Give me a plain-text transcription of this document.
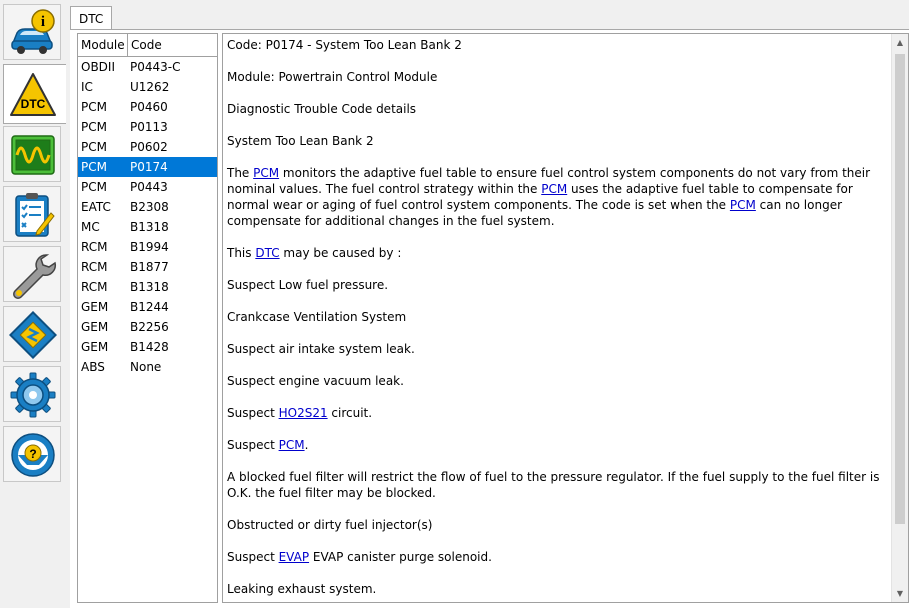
i
DTC
?
DTC
Module Code
OBDII P0443-C
IC	U1262
PCM P0460
PCM P0113
PCM P0602
PCM P0174
PCM P0443
EATC B2308
MC	B1318
RCM B1994
RCM B1877
RCM B1318
GEM B1244
GEM B2256
GEM B1428
ABS None

Code: P0174 - System Too Lean Bank 2

Module: Powertrain Control Module

Diagnostic Trouble Code details

System Too Lean Bank 2

The PCM monitors the adaptive fuel table to ensure fuel control system components do not vary from their nominal values. The fuel control strategy within the PCM uses the adaptive fuel table to compensate for normal wear or aging of fuel control system components. The code is set when the PCM can no longer compensate for additional changes in the fuel system.

This DTC may be caused by :

Suspect Low fuel pressure.

Crankcase Ventilation System

Suspect air intake system leak.

Suspect engine vacuum leak.

Suspect HO2S21 circuit.

Suspect PCM.

A blocked fuel filter will restrict the flow of fuel to the pressure regulator. If the fuel supply to the fuel filter is O.K. the fuel filter may be blocked.

Obstructed or dirty fuel injector(s)

Suspect EVAP EVAP canister purge solenoid.

Leaking exhaust system.

▲
▼
